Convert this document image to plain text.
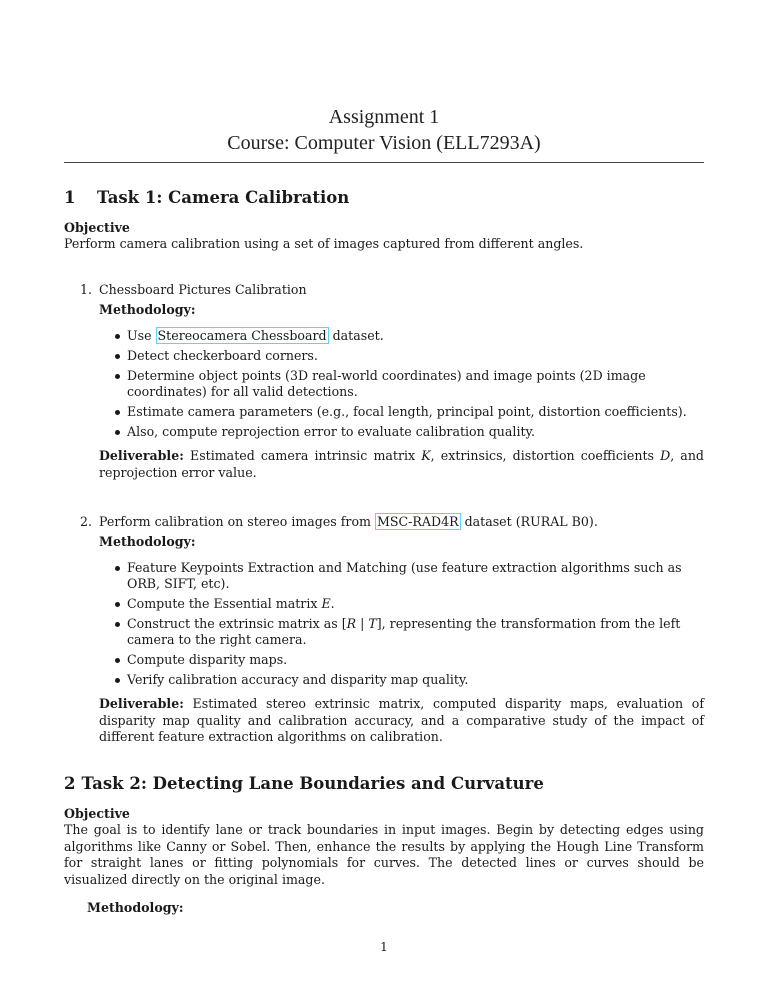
Assignment 1
Course: Computer Vision (ELL7293A)
1 Task 1: Camera Calibration

Objective

Perform camera calibration using a set of images captured from different angles.

1. Chessboard Pictures Calibration
Methodology:
Use Stereocamera Chessboard dataset.
Detect checkerboard corners.
Determine object points (3D real-world coordinates) and image points (2D image coordinates) for all valid detections.
Estimate camera parameters (e.g., focal length, principal point, distortion coefficients).
Also, compute reprojection error to evaluate calibration quality.
Deliverable: Estimated camera intrinsic matrix K, extrinsics, distortion coefficients D, and reprojection error value.
2. Perform calibration on stereo images from MSC-RAD4R dataset (RURAL B0).
Methodology:
Feature Keypoints Extraction and Matching (use feature extraction algorithms such as ORB, SIFT, etc).
Compute the Essential matrix E.
Construct the extrinsic matrix as [R | T], representing the transformation from the left camera to the right camera.
Compute disparity maps.
Verify calibration accuracy and disparity map quality.
Deliverable: Estimated stereo extrinsic matrix, computed disparity maps, evaluation of disparity map quality and calibration accuracy, and a comparative study of the impact of different feature extraction algorithms on calibration.
2 Task 2: Detecting Lane Boundaries and Curvature

Objective

The goal is to identify lane or track boundaries in input images. Begin by detecting edges using algorithms like Canny or Sobel. Then, enhance the results by applying the Hough Line Transform for straight lanes or fitting polynomials for curves. The detected lines or curves should be visualized directly on the original image.

Methodology:
1
